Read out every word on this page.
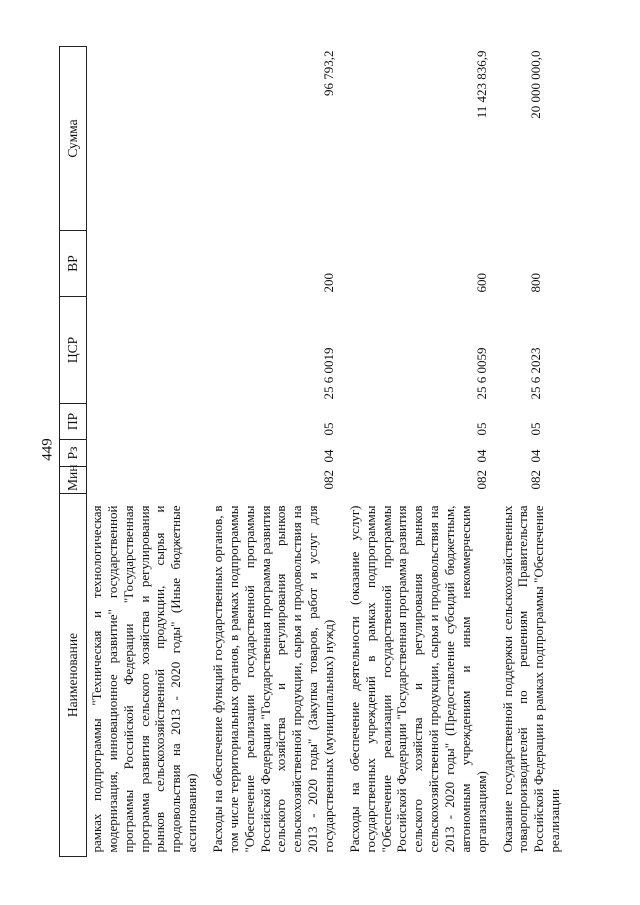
449
Наименование	Мин	Рз	ПР	ЦСР	ВР	Сумма
рамках подпрограммы "Техническая и технологическая модернизация, инновационное развитие" государственной программы Российской Федерации "Государственная программа развития сельского хозяйства и регулирования рынков сельскохозяйственной продукции, сырья и продовольствия на 2013 - 2020 годы" (Иные бюджетные ассигнования)						
Расходы на обеспечение функций государственных органов, в том числе территориальных органов, в рамках подпрограммы "Обеспечение реализации государственной программы Российской Федерации "Государственная программа развития сельского хозяйства и регулирования рынков сельскохозяйственной продукции, сырья и продовольствия на 2013 - 2020 годы" (Закупка товаров, работ и услуг для государственных (муниципальных) нужд)	082	04	05	25 6 0019	200	96 793,2
Расходы на обеспечение деятельности (оказание услуг) государственных учреждений в рамках подпрограммы "Обеспечение реализации государственной программы Российской Федерации "Государственная программа развития сельского хозяйства и регулирования рынков сельскохозяйственной продукции, сырья и продовольствия на 2013 - 2020 годы" (Предоставление субсидий бюджетным, автономным учреждениям и иным некоммерческим организациям)	082	04	05	25 6 0059	600	11 423 836,9

Оказание государственной поддержки сельскохозяйственных товаропроизводителей по решениям Правительства Российской Федерации в рамках подпрограммы "Обеспечение реализации	082	04	05	25 6 2023	800	20 000 000,0
